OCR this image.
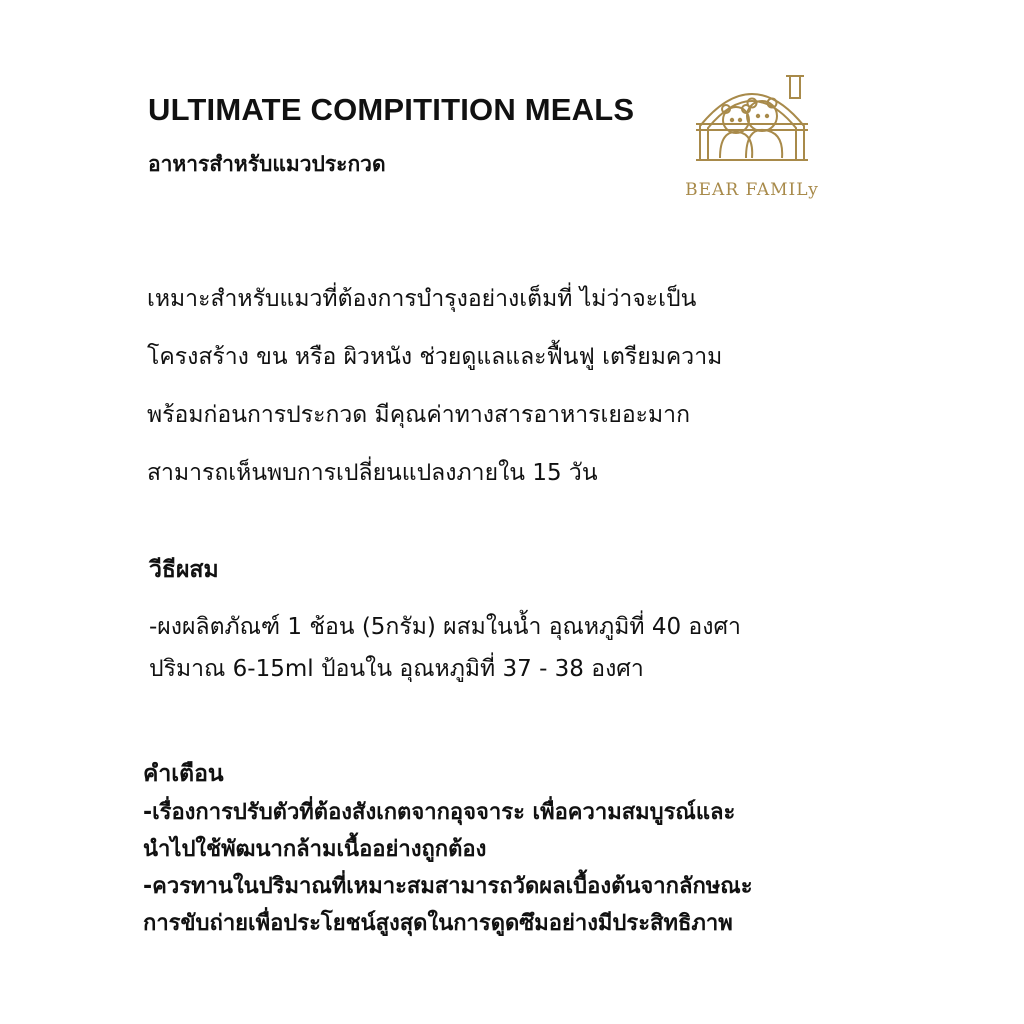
ULTIMATE COMPITITION MEALS
อาหารสำหรับแมวประกวด
BEAR FAMILy
เหมาะสำหรับแมวที่ต้องการบำรุงอย่างเต็มที่ ไม่ว่าจะเป็น
โครงสร้าง ขน หรือ ผิวหนัง ช่วยดูแลและฟื้นฟู เตรียมความ
พร้อมก่อนการประกวด มีคุณค่าทางสารอาหารเยอะมาก
สามารถเห็นพบการเปลี่ยนแปลงภายใน 15 วัน
วีธีผสม
-ผงผลิตภัณฑ์ 1 ช้อน (5กรัม) ผสมในน้ำ อุณหภูมิที่ 40 องศา
ปริมาณ 6-15ml ป้อนใน อุณหภูมิที่ 37 - 38 องศา
คำเตือน
-เรื่องการปรับตัวที่ต้องสังเกตจากอุจจาระ เพื่อความสมบูรณ์และ
นำไปใช้พัฒนากล้ามเนื้ออย่างถูกต้อง
-ควรทานในปริมาณที่เหมาะสมสามารถวัดผลเบื้องต้นจากลักษณะ
การขับถ่ายเพื่อประโยชน์สูงสุดในการดูดซึมอย่างมีประสิทธิภาพ
